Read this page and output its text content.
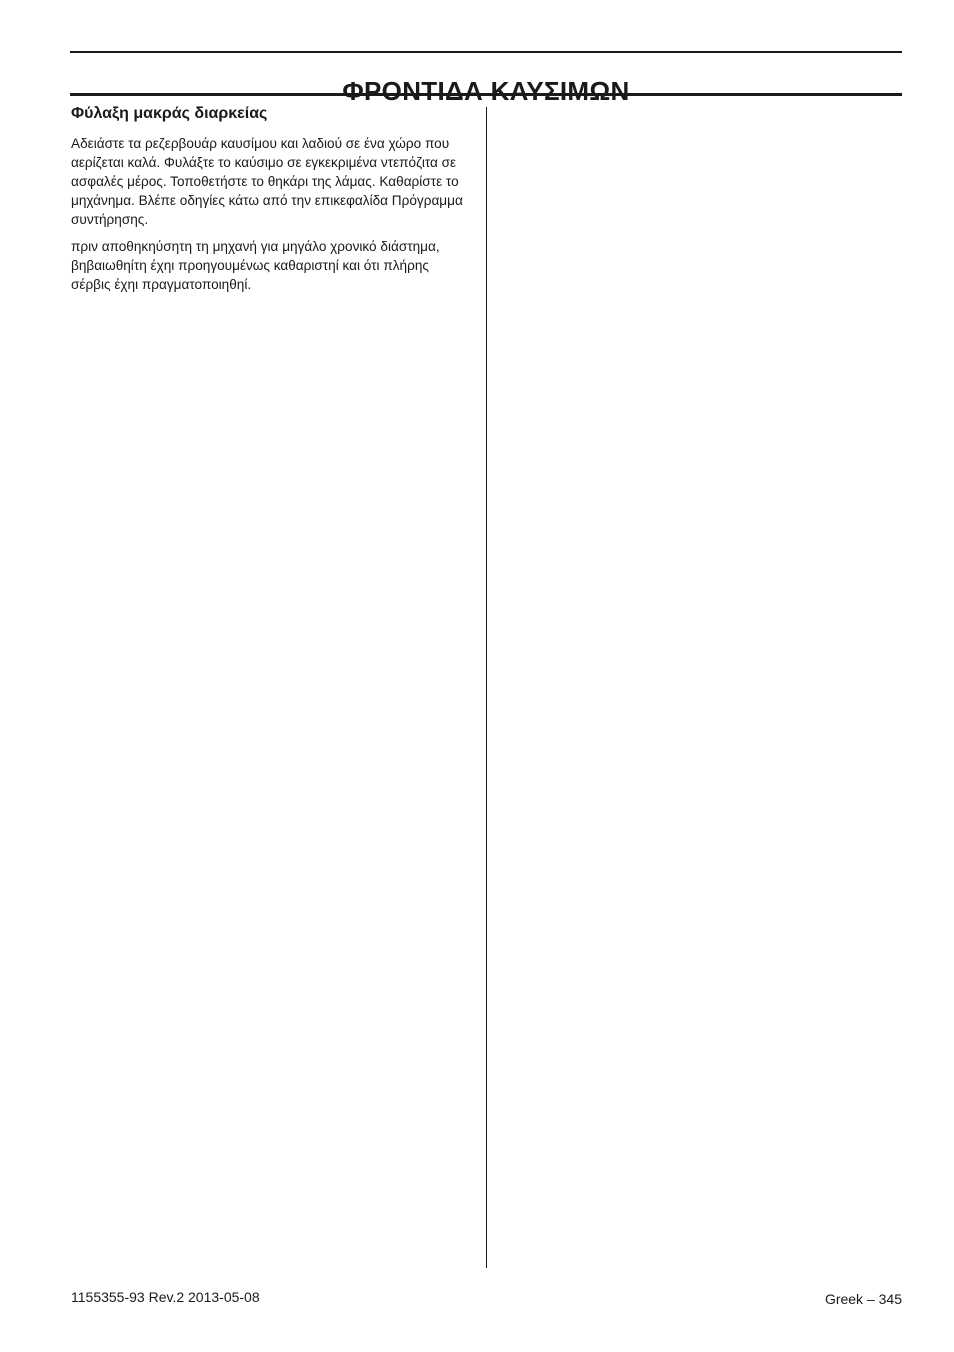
ΦΡΟΝΤΙΔΑ ΚΑΥΣΙΜΩΝ
Φύλαξη μακράς διαρκείας

Αδειάστε τα ρεζερβουάρ καυσίμου και λαδιού σε ένα χώρο που αερίζεται καλά. Φυλάξτε το καύσιμο σε εγκεκριμένα ντεπόζιτα σε ασφαλές μέρος. Τοποθετήστε το θηκάρι της λάμας. Καθαρίστε το μηχάνημα. Βλέπε οδηγίες κάτω από την επικεφαλίδα Πρόγραμμα συντήρησης.

πριν αποθηκηύσητη τη μηχανή για μηγάλο χρονικό διάστημα, βηβαιωθηίτη έχηι προηγουμένως καθαριστηί και ότι πλήρης σέρβις έχηι πραγματοποιηθηί.

1155355-93 Rev.2 2013-05-08	Greek – 345
